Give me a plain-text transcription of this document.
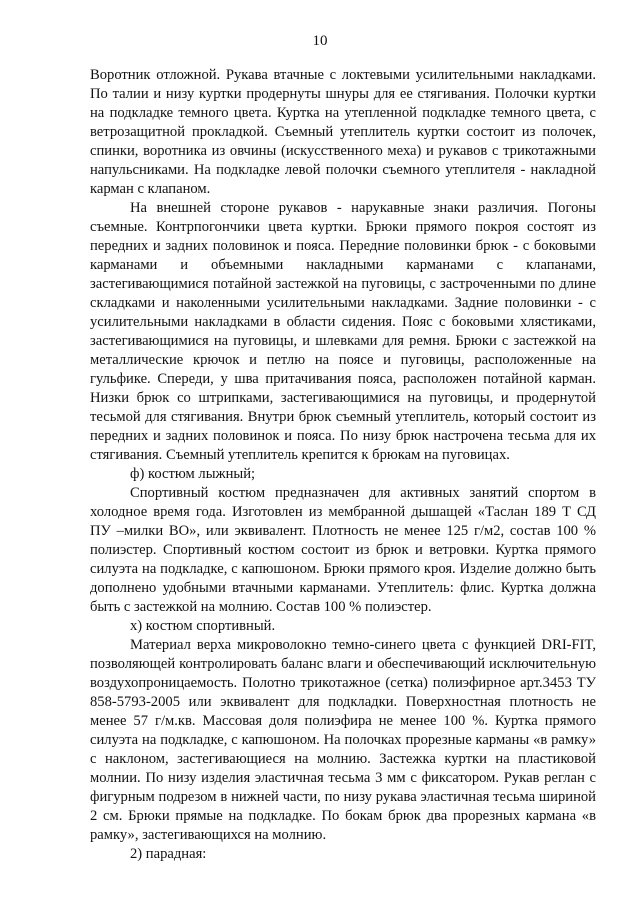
10

Воротник отложной. Рукава втачные с локтевыми усилительными накладками. По талии и низу куртки продернуты шнуры для ее стягивания. Полочки куртки на подкладке темного цвета. Куртка на утепленной подкладке темного цвета, с ветрозащитной прокладкой. Съемный утеплитель куртки состоит из полочек, спинки, воротника из овчины (искусственного меха) и рукавов с трикотажными напульсниками. На подкладке левой полочки съемного утеплителя - накладной карман с клапаном.

На внешней стороне рукавов - нарукавные знаки различия. Погоны съемные. Контрпогончики цвета куртки. Брюки прямого покроя состоят из передних и задних половинок и пояса. Передние половинки брюк - с боковыми карманами и объемными накладными карманами с клапанами, застегивающимися потайной застежкой на пуговицы, с застроченными по длине складками и наколенными усилительными накладками. Задние половинки - с усилительными накладками в области сидения. Пояс с боковыми хлястиками, застегивающимися на пуговицы, и шлевками для ремня. Брюки с застежкой на металлические крючок и петлю на поясе и пуговицы, расположенные на гульфике. Спереди, у шва притачивания пояса, расположен потайной карман. Низки брюк со штрипками, застегивающимися на пуговицы, и продернутой тесьмой для стягивания. Внутри брюк съемный утеплитель, который состоит из передних и задних половинок и пояса. По низу брюк настрочена тесьма для их стягивания. Съемный утеплитель крепится к брюкам на пуговицах.

ф) костюм лыжный;

Спортивный костюм предназначен для активных занятий спортом в холодное время года. Изготовлен из мембранной дышащей «Таслан 189 Т СД ПУ –милки ВО», или эквивалент. Плотность не менее 125 г/м2, состав 100 % полиэстер. Спортивный костюм состоит из брюк и ветровки. Куртка прямого силуэта на подкладке, с капюшоном. Брюки прямого кроя. Изделие должно быть дополнено удобными втачными карманами. Утеплитель: флис. Куртка должна быть с застежкой на молнию. Состав 100 % полиэстер.

х) костюм спортивный.

Материал верха микроволокно темно-синего цвета с функцией DRI-FIT, позволяющей контролировать баланс влаги и обеспечивающий исключительную воздухопроницаемость. Полотно трикотажное (сетка) полиэфирное арт.3453 ТУ 858-5793-2005 или эквивалент для подкладки. Поверхностная плотность не менее 57 г/м.кв. Массовая доля полиэфира не менее 100 %. Куртка прямого силуэта на подкладке, с капюшоном. На полочках прорезные карманы «в рамку» с наклоном, застегивающиеся на молнию. Застежка куртки на пластиковой молнии. По низу изделия эластичная тесьма 3 мм с фиксатором. Рукав реглан с фигурным подрезом в нижней части, по низу рукава эластичная тесьма шириной 2 см. Брюки прямые на подкладке. По бокам брюк два прорезных кармана «в рамку», застегивающихся на молнию.

2) парадная:
